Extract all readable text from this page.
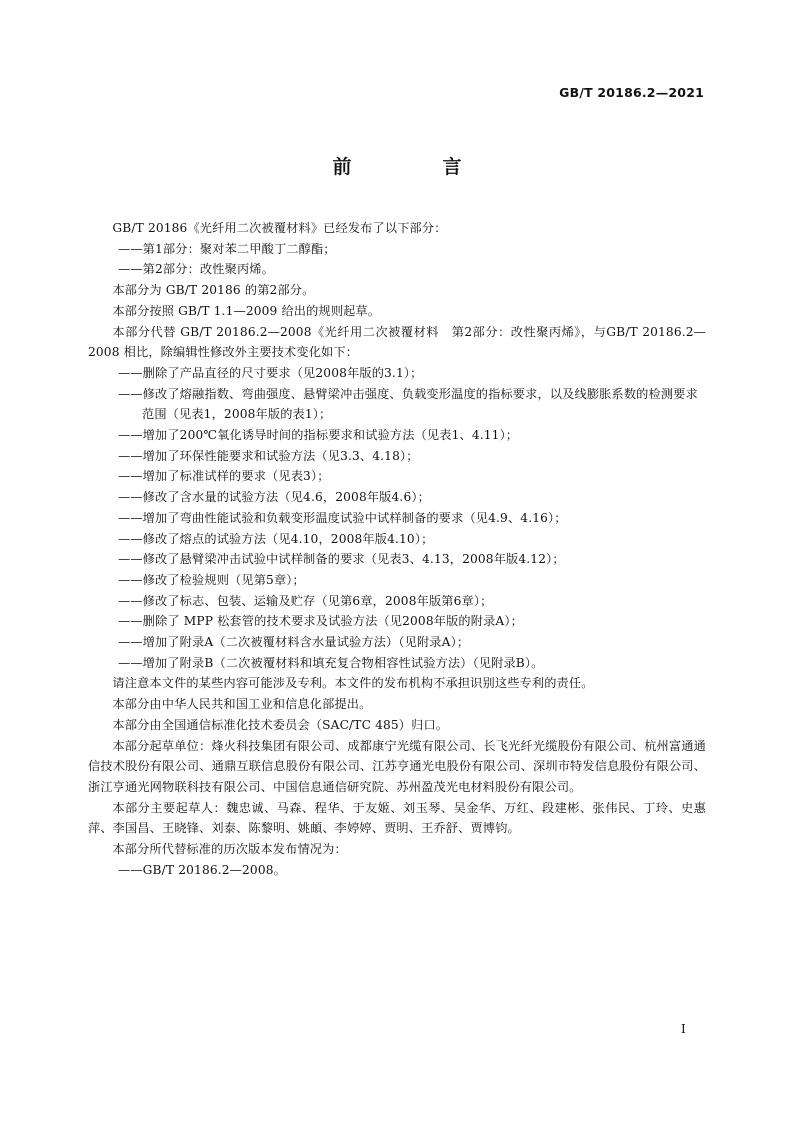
GB/T 20186.2—2021
前　言
GB/T 20186《光纤用二次被覆材料》已经发布了以下部分：
——第1部分：聚对苯二甲酸丁二醇酯；
——第2部分：改性聚丙烯。
本部分为 GB/T 20186 的第2部分。
本部分按照 GB/T 1.1—2009 给出的规则起草。
本部分代替 GB/T 20186.2—2008《光纤用二次被覆材料　第2部分：改性聚丙烯》，与GB/T 20186.2—2008 相比，除编辑性修改外主要技术变化如下：
——删除了产品直径的尺寸要求（见2008年版的3.1）；
——修改了熔融指数、弯曲强度、悬臂梁冲击强度、负载变形温度的指标要求，以及线膨胀系数的检测要求范围（见表1，2008年版的表1）；
——增加了200℃氧化诱导时间的指标要求和试验方法（见表1、4.11）；
——增加了环保性能要求和试验方法（见3.3、4.18）；
——增加了标准试样的要求（见表3）；
——修改了含水量的试验方法（见4.6，2008年版4.6）；
——增加了弯曲性能试验和负载变形温度试验中试样制备的要求（见4.9、4.16）；
——修改了熔点的试验方法（见4.10，2008年版4.10）；
——修改了悬臂梁冲击试验中试样制备的要求（见表3、4.13，2008年版4.12）；
——修改了检验规则（见第5章）；
——修改了标志、包装、运输及贮存（见第6章，2008年版第6章）；
——删除了 MPP 松套管的技术要求及试验方法（见2008年版的附录A）；
——增加了附录A（二次被覆材料含水量试验方法）（见附录A）；
——增加了附录B（二次被覆材料和填充复合物相容性试验方法）（见附录B）。
请注意本文件的某些内容可能涉及专利。本文件的发布机构不承担识别这些专利的责任。
本部分由中华人民共和国工业和信息化部提出。
本部分由全国通信标准化技术委员会（SAC/TC 485）归口。
本部分起草单位：烽火科技集团有限公司、成都康宁光缆有限公司、长飞光纤光缆股份有限公司、杭州富通通信技术股份有限公司、通鼎互联信息股份有限公司、江苏亨通光电股份有限公司、深圳市特发信息股份有限公司、浙江亨通光网物联科技有限公司、中国信息通信研究院、苏州盈茂光电材料股份有限公司。
本部分主要起草人：魏忠诚、马森、程华、于友姬、刘玉琴、吴金华、万红、段建彬、张伟民、丁玲、史惠萍、李国昌、王晓锋、刘泰、陈黎明、姚頔、李婷婷、贾明、王乔舒、贾博钧。
本部分所代替标准的历次版本发布情况为：
——GB/T 20186.2—2008。
I
